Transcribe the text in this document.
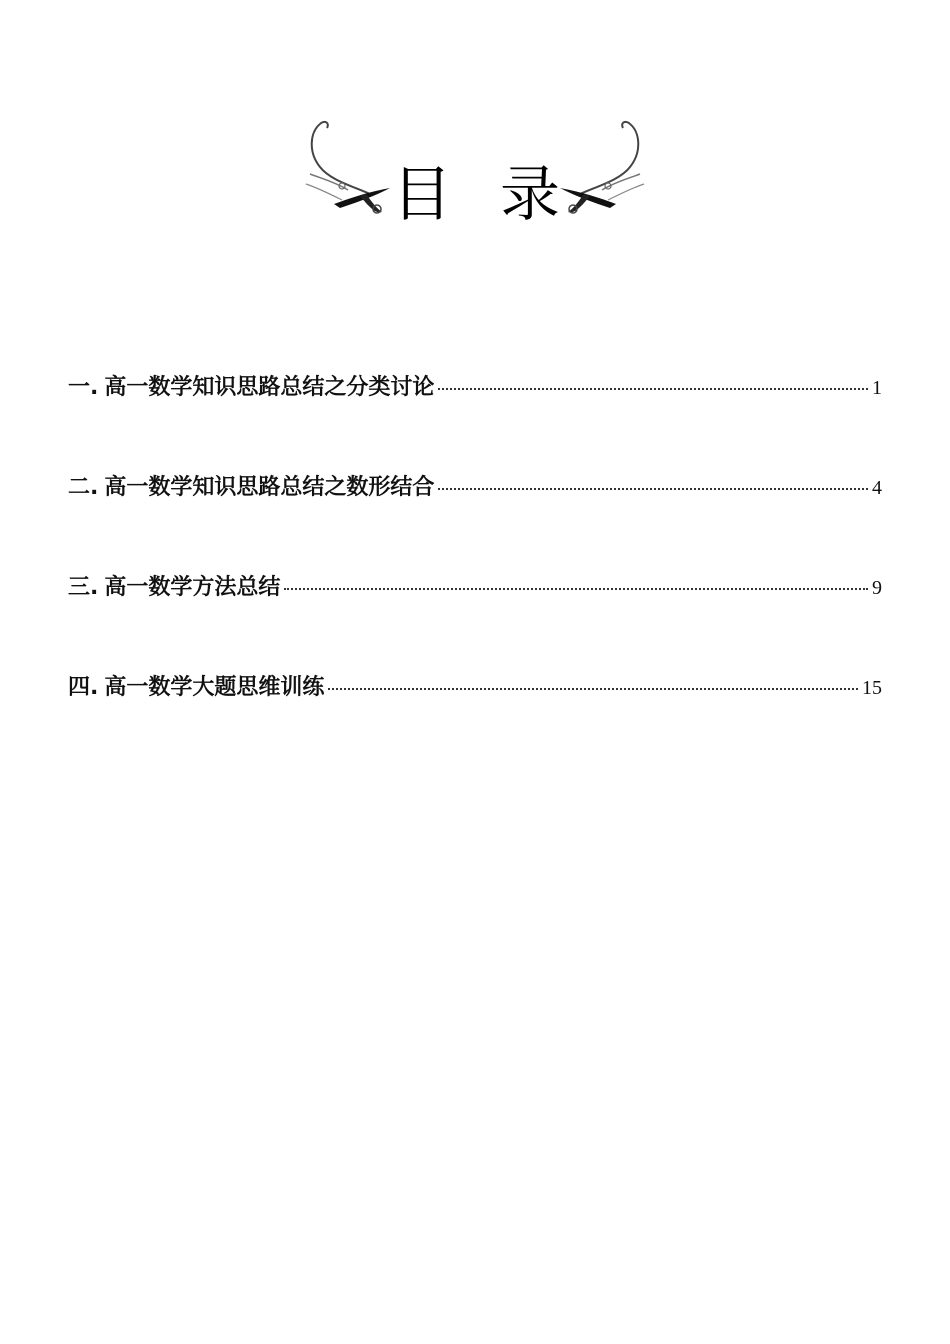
目 录
一. 高一数学知识思路总结之分类讨论	1
二. 高一数学知识思路总结之数形结合	4
三. 高一数学方法总结	9
四. 高一数学大题思维训练	15
